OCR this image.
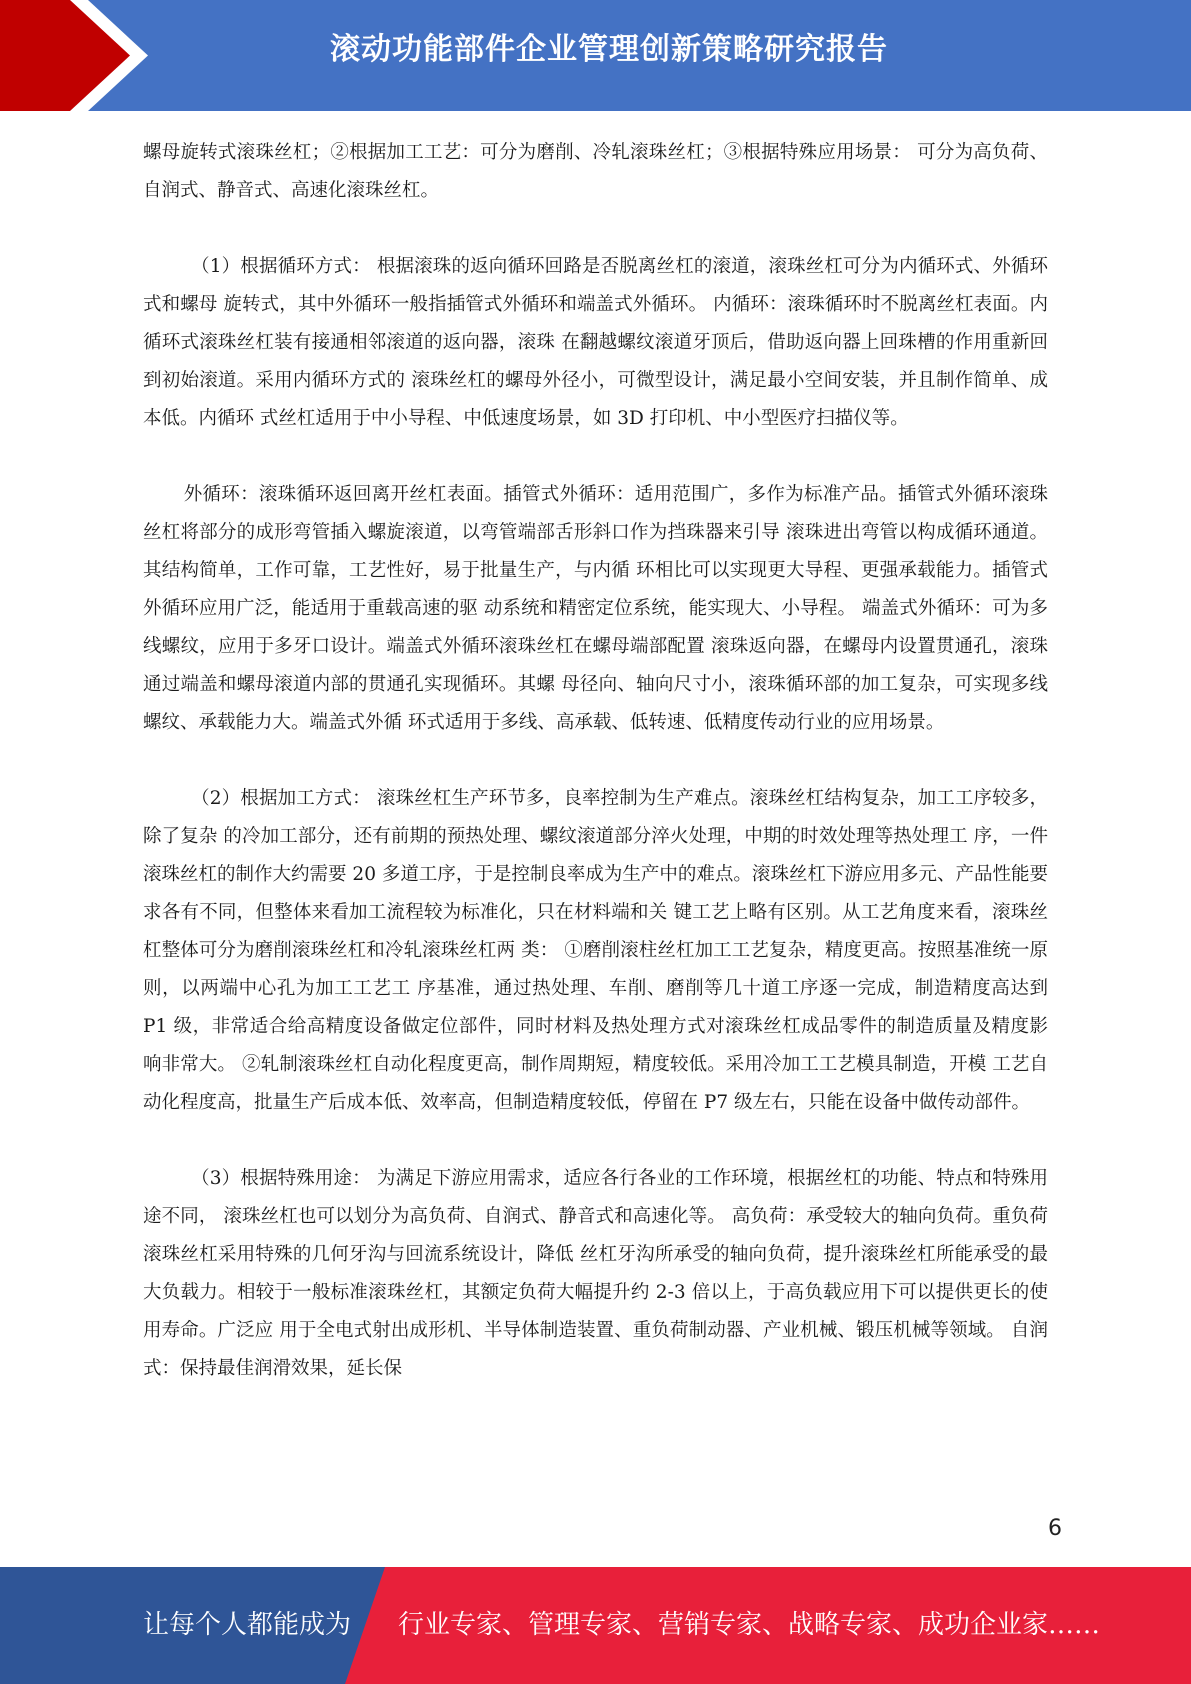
滚动功能部件企业管理创新策略研究报告

螺母旋转式滚珠丝杠；②根据加工工艺：可分为磨削、冷轧滚珠丝杠；③根据特殊应用场景： 可分为高负荷、自润式、静音式、高速化滚珠丝杠。

（1）根据循环方式： 根据滚珠的返向循环回路是否脱离丝杠的滚道，滚珠丝杠可分为内循环式、外循环式和螺母 旋转式，其中外循环一般指插管式外循环和端盖式外循环。 内循环：滚珠循环时不脱离丝杠表面。内循环式滚珠丝杠装有接通相邻滚道的返向器，滚珠 在翻越螺纹滚道牙顶后，借助返向器上回珠槽的作用重新回到初始滚道。采用内循环方式的 滚珠丝杠的螺母外径小，可微型设计，满足最小空间安装，并且制作简单、成本低。内循环 式丝杠适用于中小导程、中低速度场景，如 3D 打印机、中小型医疗扫描仪等。

外循环：滚珠循环返回离开丝杠表面。插管式外循环：适用范围广，多作为标准产品。插管式外循环滚珠丝杠将部分的成形弯管插入螺旋滚道，以弯管端部舌形斜口作为挡珠器来引导 滚珠进出弯管以构成循环通道。其结构简单，工作可靠，工艺性好，易于批量生产，与内循 环相比可以实现更大导程、更强承载能力。插管式外循环应用广泛，能适用于重载高速的驱 动系统和精密定位系统，能实现大、小导程。 端盖式外循环：可为多线螺纹，应用于多牙口设计。端盖式外循环滚珠丝杠在螺母端部配置 滚珠返向器，在螺母内设置贯通孔，滚珠通过端盖和螺母滚道内部的贯通孔实现循环。其螺 母径向、轴向尺寸小，滚珠循环部的加工复杂，可实现多线螺纹、承载能力大。端盖式外循 环式适用于多线、高承载、低转速、低精度传动行业的应用场景。

（2）根据加工方式： 滚珠丝杠生产环节多，良率控制为生产难点。滚珠丝杠结构复杂，加工工序较多，除了复杂 的冷加工部分，还有前期的预热处理、螺纹滚道部分淬火处理，中期的时效处理等热处理工 序，一件滚珠丝杠的制作大约需要 20 多道工序，于是控制良率成为生产中的难点。滚珠丝杠下游应用多元、产品性能要求各有不同，但整体来看加工流程较为标准化，只在材料端和关 键工艺上略有区别。从工艺角度来看，滚珠丝杠整体可分为磨削滚珠丝杠和冷轧滚珠丝杠两 类： ①磨削滚柱丝杠加工工艺复杂，精度更高。按照基准统一原则，以两端中心孔为加工工艺工 序基准，通过热处理、车削、磨削等几十道工序逐一完成，制造精度高达到 P1 级，非常适合给高精度设备做定位部件，同时材料及热处理方式对滚珠丝杠成品零件的制造质量及精度影 响非常大。 ②轧制滚珠丝杠自动化程度更高，制作周期短，精度较低。采用冷加工工艺模具制造，开模 工艺自动化程度高，批量生产后成本低、效率高，但制造精度较低，停留在 P7 级左右，只能在设备中做传动部件。

（3）根据特殊用途： 为满足下游应用需求，适应各行各业的工作环境，根据丝杠的功能、特点和特殊用途不同， 滚珠丝杠也可以划分为高负荷、自润式、静音式和高速化等。 高负荷：承受较大的轴向负荷。重负荷滚珠丝杠采用特殊的几何牙沟与回流系统设计，降低 丝杠牙沟所承受的轴向负荷，提升滚珠丝杠所能承受的最大负载力。相较于一般标准滚珠丝杠，其额定负荷大幅提升约 2-3 倍以上，于高负载应用下可以提供更长的使用寿命。广泛应 用于全电式射出成形机、半导体制造装置、重负荷制动器、产业机械、锻压机械等领域。 自润式：保持最佳润滑效果，延长保

6
让每个人都能成为 行业专家、管理专家、营销专家、战略专家、成功企业家……
